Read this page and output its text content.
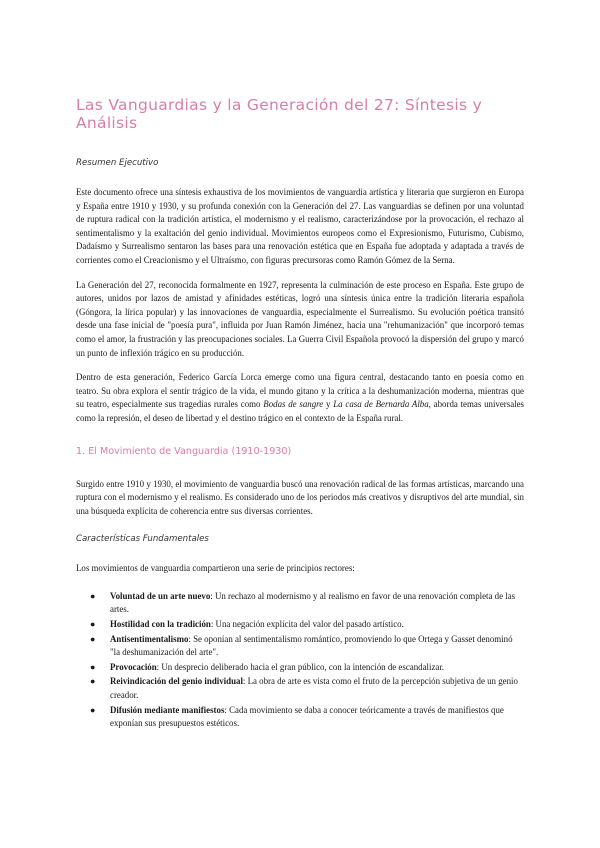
Las Vanguardias y la Generación del 27: Síntesis y Análisis
Resumen Ejecutivo

Este documento ofrece una síntesis exhaustiva de los movimientos de vanguardia artística y literaria que surgieron en Europa y España entre 1910 y 1930, y su profunda conexión con la Generación del 27. Las vanguardias se definen por una voluntad de ruptura radical con la tradición artística, el modernismo y el realismo, caracterizándose por la provocación, el rechazo al sentimentalismo y la exaltación del genio individual. Movimientos europeos como el Expresionismo, Futurismo, Cubismo, Dadaísmo y Surrealismo sentaron las bases para una renovación estética que en España fue adoptada y adaptada a través de corrientes como el Creacionismo y el Ultraísmo, con figuras precursoras como Ramón Gómez de la Serna.

La Generación del 27, reconocida formalmente en 1927, representa la culminación de este proceso en España. Este grupo de autores, unidos por lazos de amistad y afinidades estéticas, logró una síntesis única entre la tradición literaria española (Góngora, la lírica popular) y las innovaciones de vanguardia, especialmente el Surrealismo. Su evolución poética transitó desde una fase inicial de "poesía pura", influida por Juan Ramón Jiménez, hacia una "rehumanización" que incorporó temas como el amor, la frustración y las preocupaciones sociales. La Guerra Civil Española provocó la dispersión del grupo y marcó un punto de inflexión trágico en su producción.

Dentro de esta generación, Federico García Lorca emerge como una figura central, destacando tanto en poesía como en teatro. Su obra explora el sentir trágico de la vida, el mundo gitano y la crítica a la deshumanización moderna, mientras que su teatro, especialmente sus tragedias rurales como Bodas de sangre y La casa de Bernarda Alba, aborda temas universales como la represión, el deseo de libertad y el destino trágico en el contexto de la España rural.

1. El Movimiento de Vanguardia (1910-1930)

Surgido entre 1910 y 1930, el movimiento de vanguardia buscó una renovación radical de las formas artísticas, marcando una ruptura con el modernismo y el realismo. Es considerado uno de los periodos más creativos y disruptivos del arte mundial, sin una búsqueda explícita de coherencia entre sus diversas corrientes.

Características Fundamentales

Los movimientos de vanguardia compartieron una serie de principios rectores:

● Voluntad de un arte nuevo: Un rechazo al modernismo y al realismo en favor de una renovación completa de las artes.
● Hostilidad con la tradición: Una negación explícita del valor del pasado artístico.
● Antisentimentalismo: Se oponían al sentimentalismo romántico, promoviendo lo que Ortega y Gasset denominó "la deshumanización del arte".
● Provocación: Un desprecio deliberado hacia el gran público, con la intención de escandalizar.
● Reivindicación del genio individual: La obra de arte es vista como el fruto de la percepción subjetiva de un genio creador.
● Difusión mediante manifiestos: Cada movimiento se daba a conocer teóricamente a través de manifiestos que exponían sus presupuestos estéticos.
